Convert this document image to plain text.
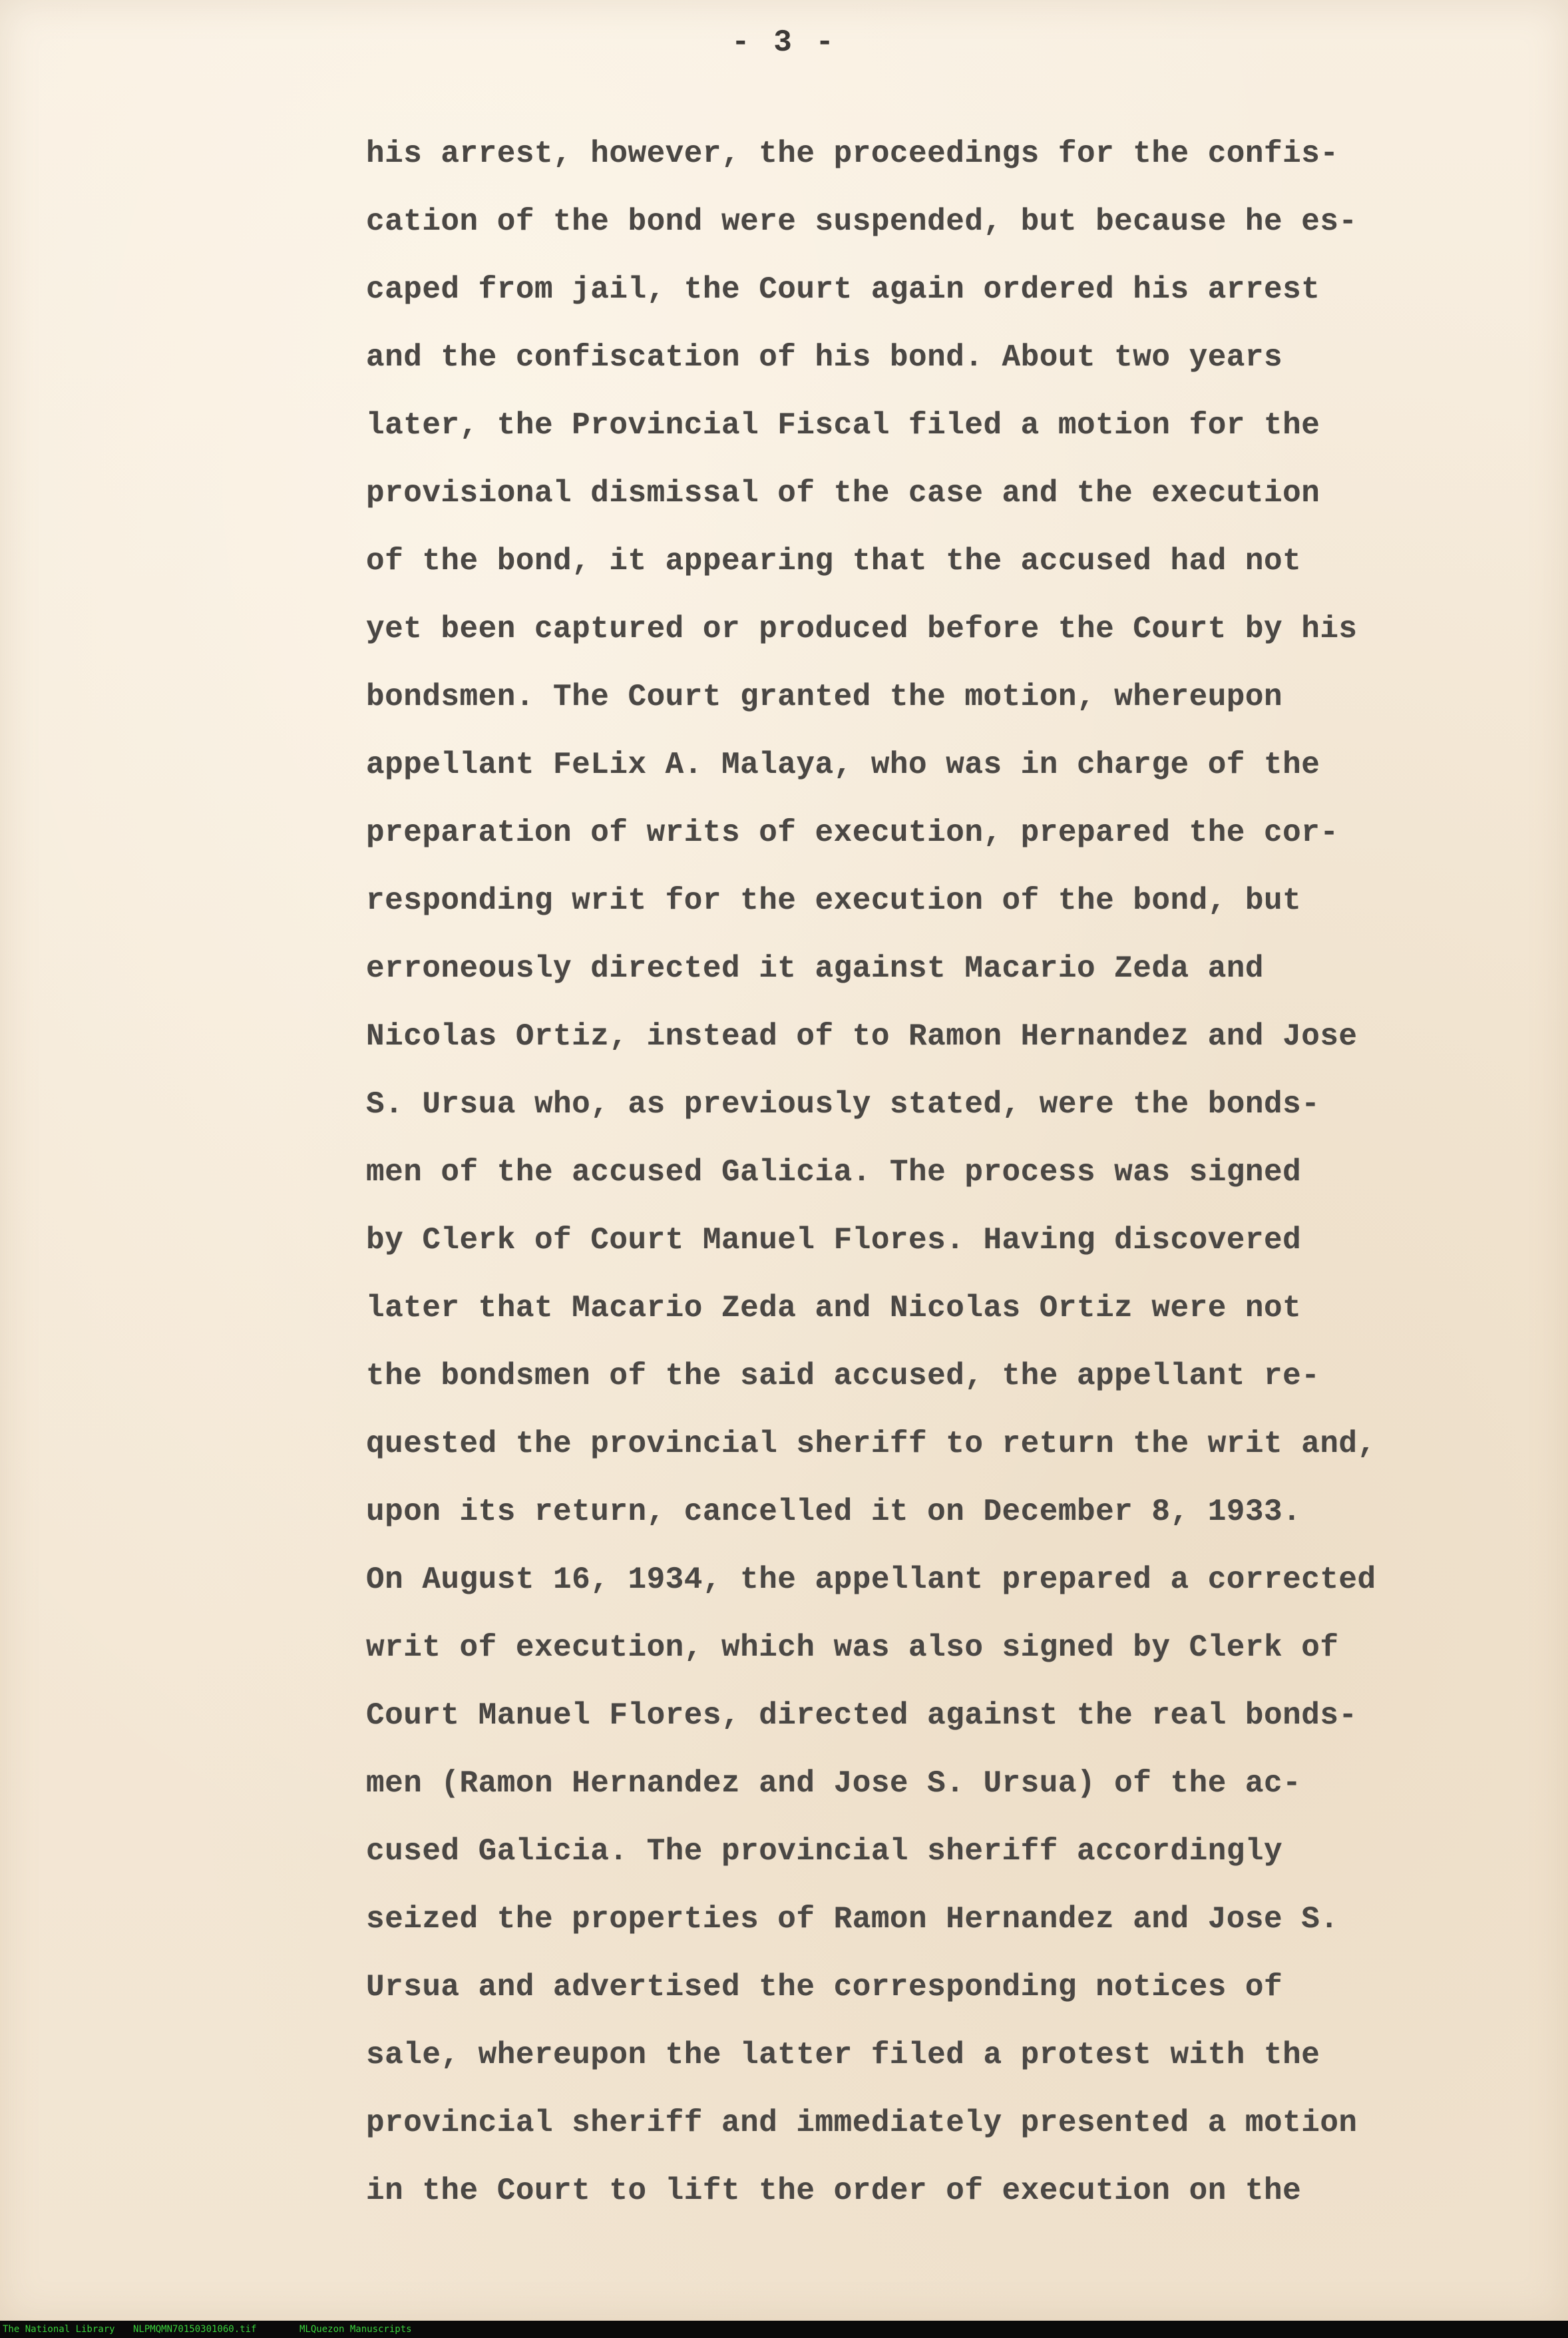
- 3 -
his arrest, however, the proceedings for the confis-
cation of the bond were suspended, but because he es-
caped from jail, the Court again ordered his arrest
and the confiscation of his bond. About two years
later, the Provincial Fiscal filed a motion for the
provisional dismissal of the case and the execution
of the bond, it appearing that the accused had not
yet been captured or produced before the Court by his
bondsmen. The Court granted the motion, whereupon
appellant FeLix A. Malaya, who was in charge of the
preparation of writs of execution, prepared the cor-
responding writ for the execution of the bond, but
erroneously directed it against Macario Zeda and
Nicolas Ortiz, instead of to Ramon Hernandez and Jose
S. Ursua who, as previously stated, were the bonds-
men of the accused Galicia. The process was signed
by Clerk of Court Manuel Flores. Having discovered
later that Macario Zeda and Nicolas Ortiz were not
the bondsmen of the said accused, the appellant re-
quested the provincial sheriff to return the writ and,
upon its return, cancelled it on December 8, 1933.
On August 16, 1934, the appellant prepared a corrected
writ of execution, which was also signed by Clerk of
Court Manuel Flores, directed against the real bonds-
men (Ramon Hernandez and Jose S. Ursua) of the ac-
cused Galicia. The provincial sheriff accordingly
seized the properties of Ramon Hernandez and Jose S.
Ursua and advertised the corresponding notices of
sale, whereupon the latter filed a protest with the
provincial sheriff and immediately presented a motion
in the Court to lift the order of execution on the
The National Library NLPMQMN70150301060.tif	MLQuezon Manuscripts
